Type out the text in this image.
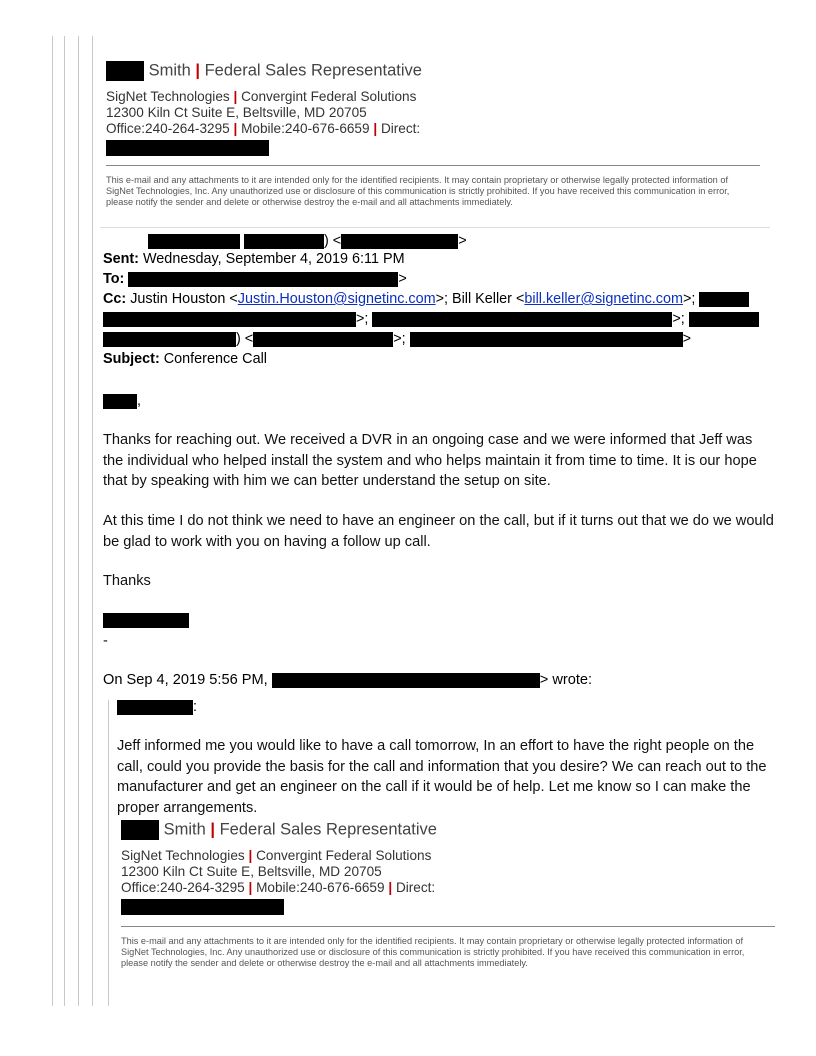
Smith | Federal Sales Representative
SigNet Technologies | Convergint Federal Solutions
12300 Kiln Ct Suite E, Beltsville, MD 20705
Office:240-264-3295 | Mobile:240-676-6659 | Direct:
This e-mail and any attachments to it are intended only for the identified recipients. It may contain proprietary or otherwise legally protected information of SigNet Technologies, Inc. Any unauthorized use or disclosure of this communication is strictly prohibited. If you have received this communication in error, please notify the sender and delete or otherwise destroy the e-mail and all attachments immediately.
) <	>
Sent: Wednesday, September 4, 2019 6:11 PM
To:	>
Cc: Justin Houston <Justin.Houston@signetinc.com>; Bill Keller <bill.keller@signetinc.com>;
>;	>;
) <	>;	>
Subject: Conference Call
,
Thanks for reaching out. We received a DVR in an ongoing case and we were informed that Jeff was the individual who helped install the system and who helps maintain it from time to time. It is our hope that by speaking with him we can better understand the setup on site.
At this time I do not think we need to have an engineer on the call, but if it turns out that we do we would be glad to work with you on having a follow up call.
Thanks
-
On Sep 4, 2019 5:56 PM,	> wrote:
:
Jeff informed me you would like to have a call tomorrow, In an effort to have the right people on the call, could you provide the basis for the call and information that you desire? We can reach out to the manufacturer and get an engineer on the call if it would be of help. Let me know so I can make the proper arrangements.
Smith | Federal Sales Representative
SigNet Technologies | Convergint Federal Solutions
12300 Kiln Ct Suite E, Beltsville, MD 20705
Office:240-264-3295 | Mobile:240-676-6659 | Direct:
This e-mail and any attachments to it are intended only for the identified recipients. It may contain proprietary or otherwise legally protected information of SigNet Technologies, Inc. Any unauthorized use or disclosure of this communication is strictly prohibited. If you have received this communication in error, please notify the sender and delete or otherwise destroy the e-mail and all attachments immediately.
